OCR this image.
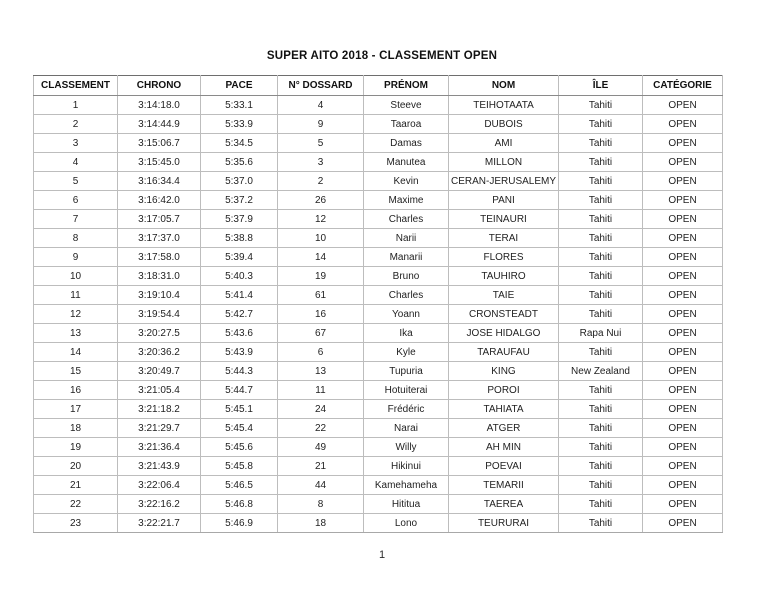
SUPER AITO 2018 - CLASSEMENT OPEN
CLASSEMENT	CHRONO	PACE	N° DOSSARD	PRÉNOM	NOM	ÎLE	CATÉGORIE
1	3:14:18.0	5:33.1	4	Steeve	TEIHOTAATA	Tahiti	OPEN
2	3:14:44.9	5:33.9	9	Taaroa	DUBOIS	Tahiti	OPEN
3	3:15:06.7	5:34.5	5	Damas	AMI	Tahiti	OPEN
4	3:15:45.0	5:35.6	3	Manutea	MILLON	Tahiti	OPEN
5	3:16:34.4	5:37.0	2	Kevin	CERAN-JERUSALEMY	Tahiti	OPEN
6	3:16:42.0	5:37.2	26	Maxime	PANI	Tahiti	OPEN
7	3:17:05.7	5:37.9	12	Charles	TEINAURI	Tahiti	OPEN
8	3:17:37.0	5:38.8	10	Narii	TERAI	Tahiti	OPEN
9	3:17:58.0	5:39.4	14	Manarii	FLORES	Tahiti	OPEN
10	3:18:31.0	5:40.3	19	Bruno	TAUHIRO	Tahiti	OPEN
11	3:19:10.4	5:41.4	61	Charles	TAIE	Tahiti	OPEN
12	3:19:54.4	5:42.7	16	Yoann	CRONSTEADT	Tahiti	OPEN
13	3:20:27.5	5:43.6	67	Ika	JOSE HIDALGO	Rapa Nui	OPEN
14	3:20:36.2	5:43.9	6	Kyle	TARAUFAU	Tahiti	OPEN
15	3:20:49.7	5:44.3	13	Tupuria	KING	New Zealand	OPEN
16	3:21:05.4	5:44.7	11	Hotuiterai	POROI	Tahiti	OPEN
17	3:21:18.2	5:45.1	24	Frédéric	TAHIATA	Tahiti	OPEN
18	3:21:29.7	5:45.4	22	Narai	ATGER	Tahiti	OPEN
19	3:21:36.4	5:45.6	49	Willy	AH MIN	Tahiti	OPEN
20	3:21:43.9	5:45.8	21	Hikinui	POEVAI	Tahiti	OPEN
21	3:22:06.4	5:46.5	44	Kamehameha	TEMARII	Tahiti	OPEN
22	3:22:16.2	5:46.8	8	Hititua	TAEREA	Tahiti	OPEN
23	3:22:21.7	5:46.9	18	Lono	TEURURAI	Tahiti	OPEN
1
